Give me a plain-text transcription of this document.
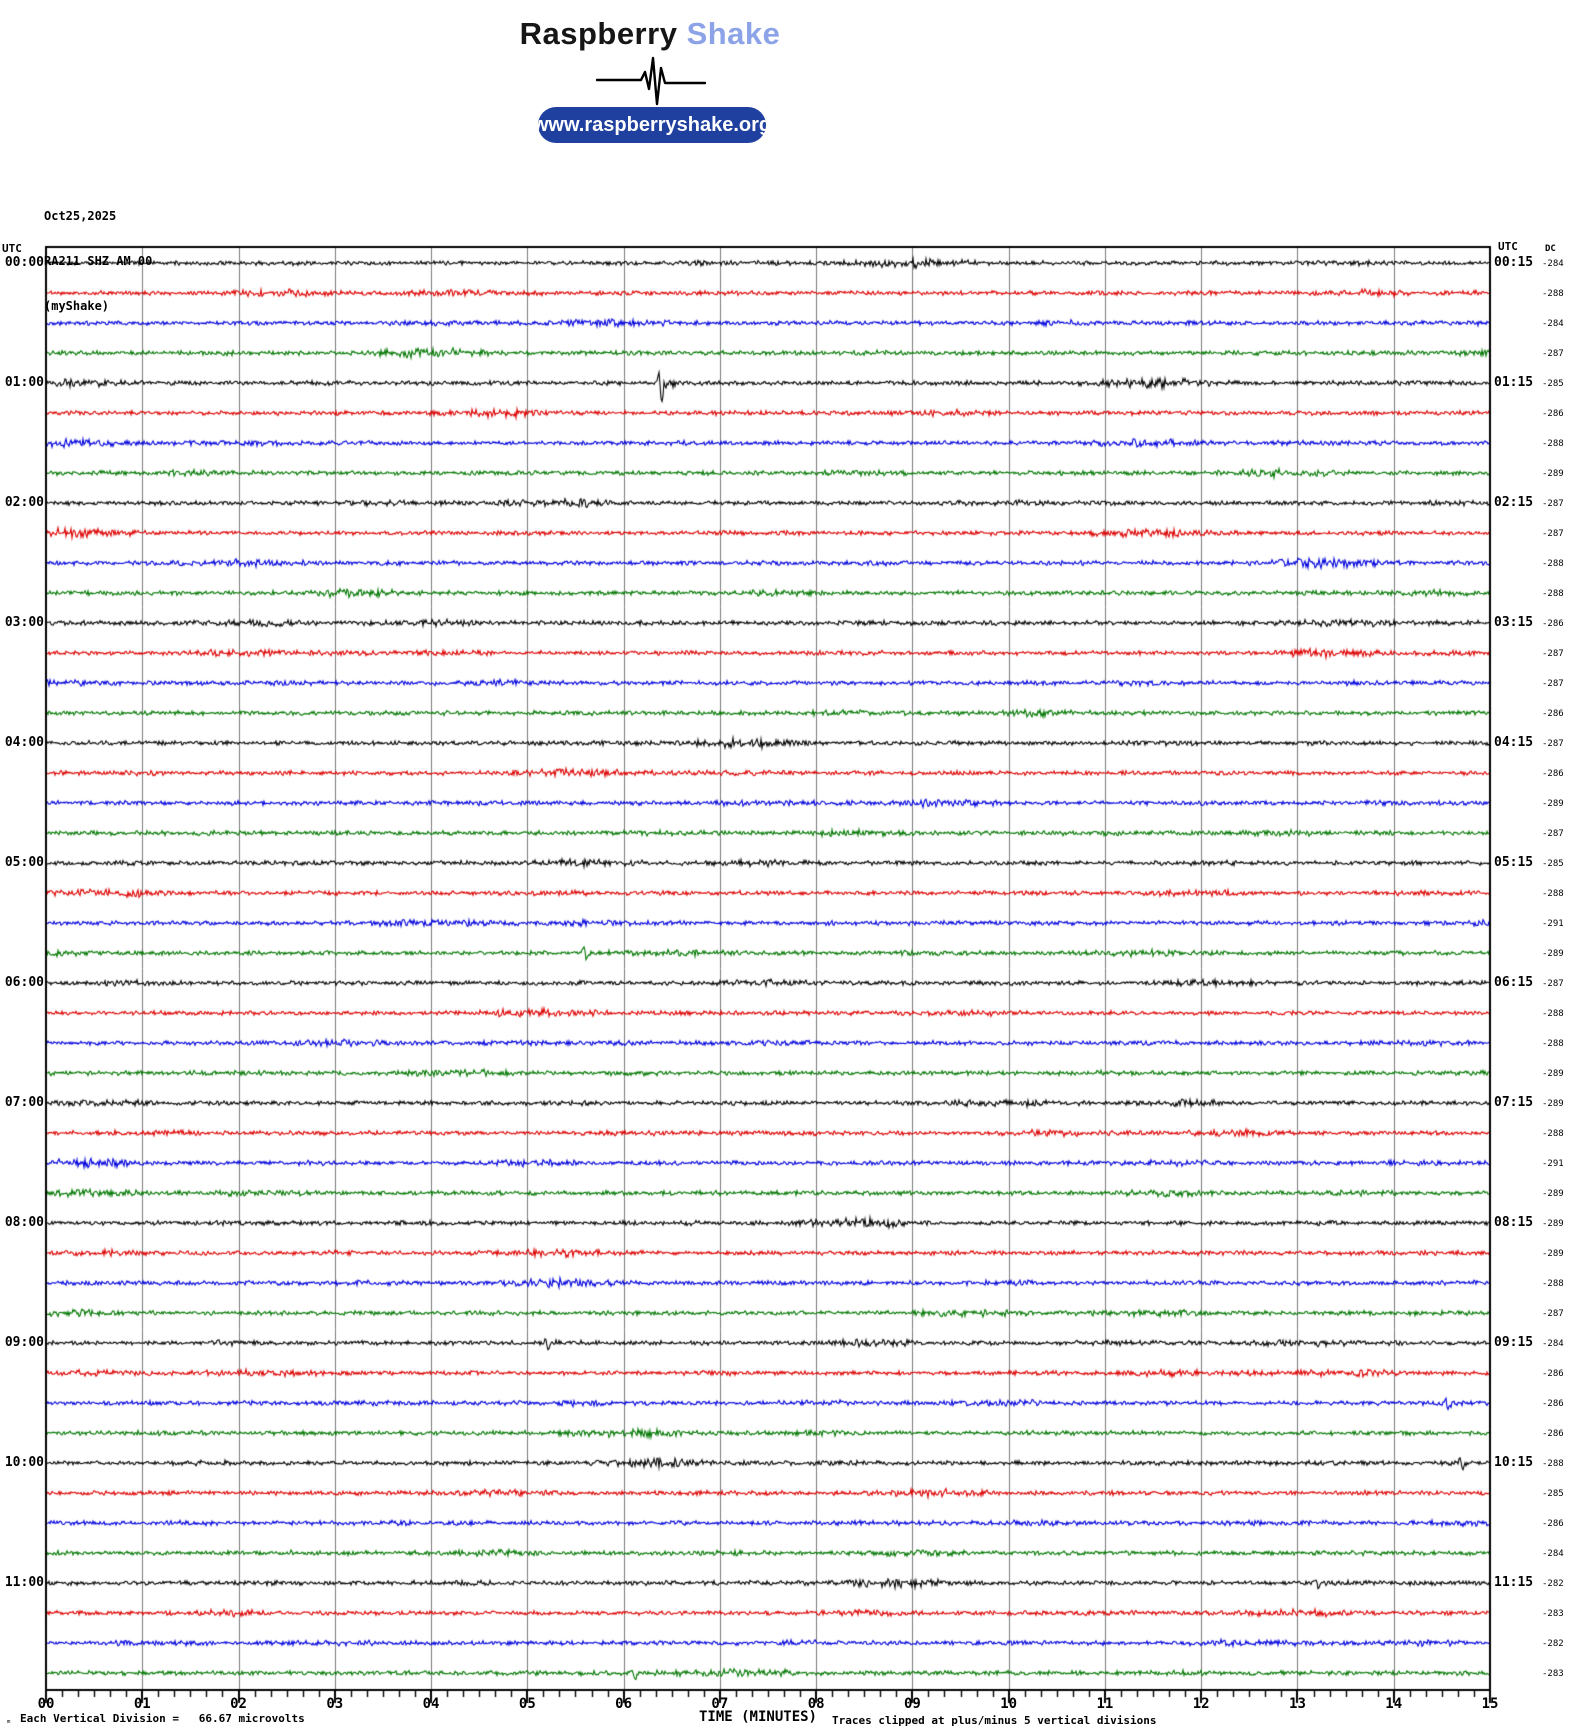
Raspberry Shake
www.raspberryshake.org

Oct25,2025

RA211 SHZ AM 00

(myShake)

UTC	UTC	DC
00:00
01:00
02:00
03:00
04:00
05:00
06:00
07:00
08:00
09:00
10:00
11:00
00:15
01:15
02:15
03:15
04:15
05:15
06:15
07:15
08:15
09:15
10:15
11:15
-284
-288
-284
-287
-285
-286
-288
-289
-287
-287
-288
-288
-286
-287
-287
-286
-287
-286
-289
-287
-285
-288
-291
-289
-287
-288
-288
-289
-289
-288
-291
-289
-289
-289
-288
-287
-284
-286
-286
-286
-288
-285
-286
-284
-282
-283
-282
-283
00	01	02	03	04	05	06	07	08	09	10	11	12	13	14	15
TIME (MINUTES)
ₘ Each Vertical Division =   66.67 microvolts	Traces clipped at plus/minus 5 vertical divisions
